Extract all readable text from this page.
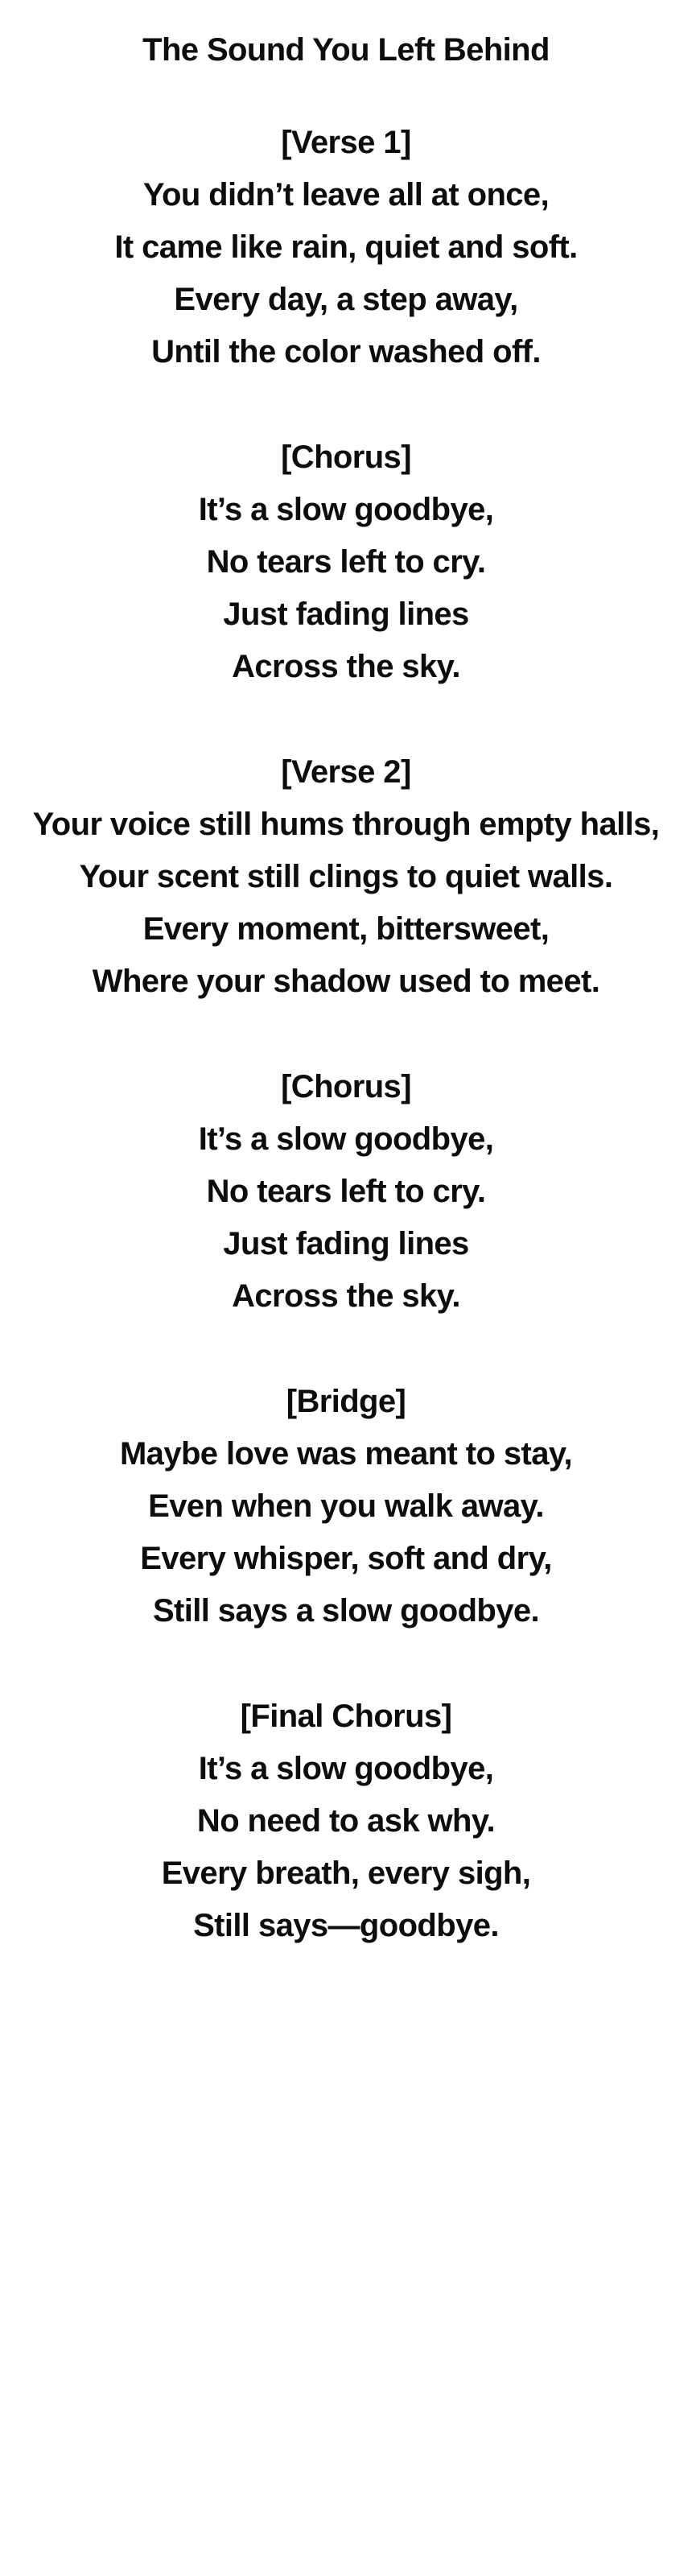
The Sound You Left Behind
[Verse 1]
You didn’t leave all at once,
It came like rain, quiet and soft.
Every day, a step away,
Until the color washed off.
[Chorus]
It’s a slow goodbye,
No tears left to cry.
Just fading lines
Across the sky.
[Verse 2]
Your voice still hums through empty halls,
Your scent still clings to quiet walls.
Every moment, bittersweet,
Where your shadow used to meet.
[Chorus]
It’s a slow goodbye,
No tears left to cry.
Just fading lines
Across the sky.
[Bridge]
Maybe love was meant to stay,
Even when you walk away.
Every whisper, soft and dry,
Still says a slow goodbye.
[Final Chorus]
It’s a slow goodbye,
No need to ask why.
Every breath, every sigh,
Still says—goodbye.
